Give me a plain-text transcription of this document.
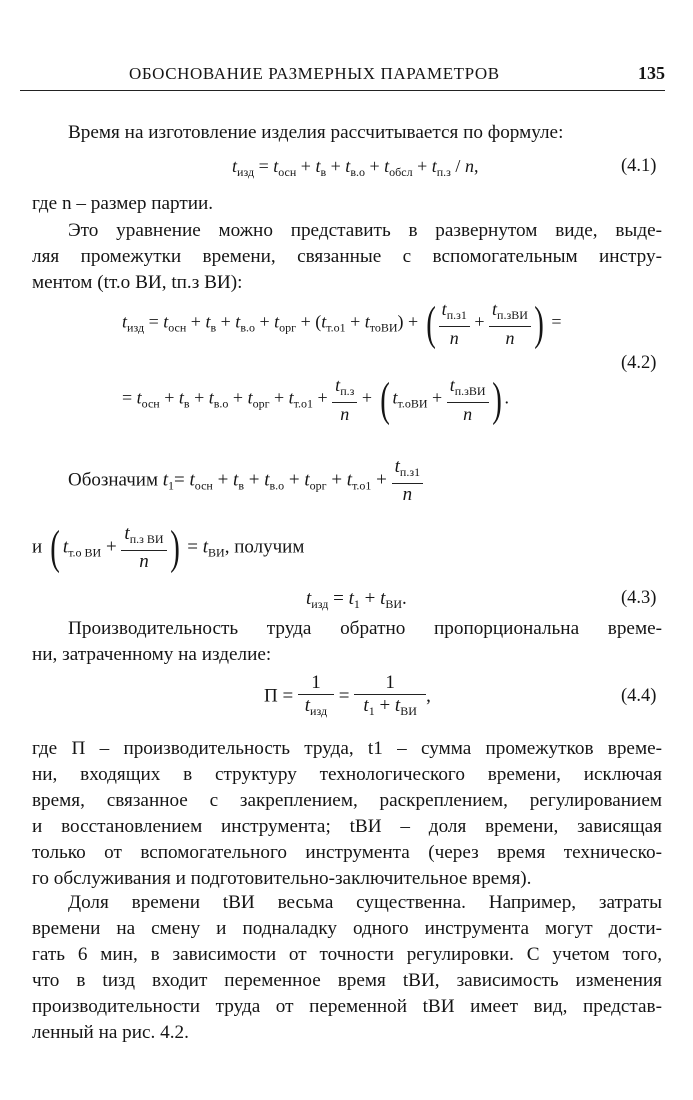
ОБОСНОВАНИЕ РАЗМЕРНЫХ ПАРАМЕТРОВ	135
Время на изготовление изделия рассчитывается по формуле:
$t_{изд} = t_{осн} + t_в + t_{в.о} + t_{обсл} + t_{п.з} / n$,	(4.1)
где n – размер партии.
Это уравнение можно представить в развернутом виде, выде-
ляя промежутки времени, связанные с вспомогательным инстру-
ментом (tт.о ВИ, tп.з ВИ):
$t_{изд} = t_{осн} + t_в + t_{в.о} + t_{орг} + (t_{т.о1} + t_{тоВИ})$ + ( $\frac{t_{п.з1}}{n} + \frac{t_{п.зВИ}}{n}$ ) =
(4.2)
= $t_{осн} + t_в + t_{в.о} + t_{орг} + t_{т.о1} + \frac{t_{п.з}}{n}$ + ( $t_{т.оВИ} + \frac{t_{п.зВИ}}{n}$ ) .
Обозначим $t_1= t_{осн} + t_в + t_{в.о} + t_{орг} + t_{т.о1} + \frac{t_{п.з1}}{n}$
и ( $t_{т.о ВИ} + \frac{t_{п.з ВИ}}{n}$ ) = $t_{ВИ}$, получим
$t_{изд} = t_1 + t_{ВИ}$.	(4.3)
Производительность труда обратно пропорциональна време-
ни, затраченному на изделие:
$П = \frac{1}{t_{изд}} = \frac{1}{t_1 + t_{ВИ}}$ ,	(4.4)
где П – производительность труда, t1 – сумма промежутков време-
ни, входящих в структуру технологического времени, исключая
время, связанное с закреплением, раскреплением, регулированием
и восстановлением инструмента; tВИ – доля времени, зависящая
только от вспомогательного инструмента (через время техническо-
го обслуживания и подготовительно-заключительное время).
Доля времени tВИ весьма существенна. Например, затраты
времени на смену и подналадку одного инструмента могут дости-
гать 6 мин, в зависимости от точности регулировки. С учетом того,
что в tизд входит переменное время tВИ, зависимость изменения
производительности труда от переменной tВИ имеет вид, представ-
ленный на рис. 4.2.
